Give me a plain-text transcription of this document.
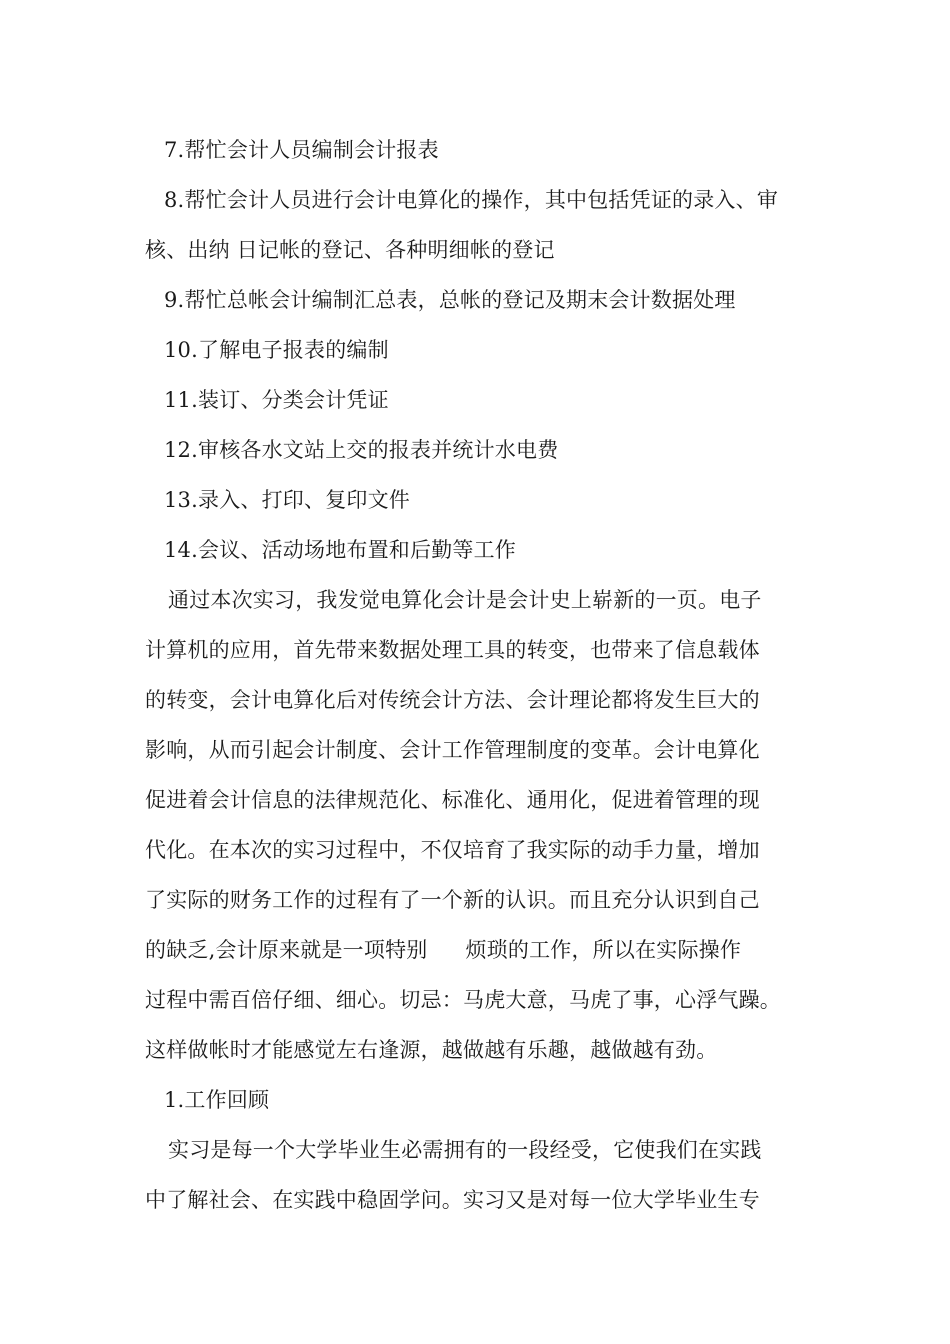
7.帮忙会计人员编制会计报表
8.帮忙会计人员进行会计电算化的操作，其中包括凭证的录入、审
核、出纳 日记帐的登记、各种明细帐的登记
9.帮忙总帐会计编制汇总表，总帐的登记及期末会计数据处理
10.了解电子报表的编制
11.装订、分类会计凭证
12.审核各水文站上交的报表并统计水电费
13.录入、打印、复印文件
14.会议、活动场地布置和后勤等工作
通过本次实习，我发觉电算化会计是会计史上崭新的一页。电子
计算机的应用，首先带来数据处理工具的转变，也带来了信息载体
的转变，会计电算化后对传统会计方法、会计理论都将发生巨大的
影响，从而引起会计制度、会计工作管理制度的变革。会计电算化
促进着会计信息的法律规范化、标准化、通用化，促进着管理的现
代化。在本次的实习过程中，不仅培育了我实际的动手力量，增加
了实际的财务工作的过程有了一个新的认识。而且充分认识到自己
的缺乏,会计原来就是一项特别 烦琐的工作，所以在实际操作
过程中需百倍仔细、细心。切忌：马虎大意，马虎了事，心浮气躁。
这样做帐时才能感觉左右逢源，越做越有乐趣，越做越有劲。
1.工作回顾
实习是每一个大学毕业生必需拥有的一段经受，它使我们在实践
中了解社会、在实践中稳固学问。实习又是对每一位大学毕业生专
